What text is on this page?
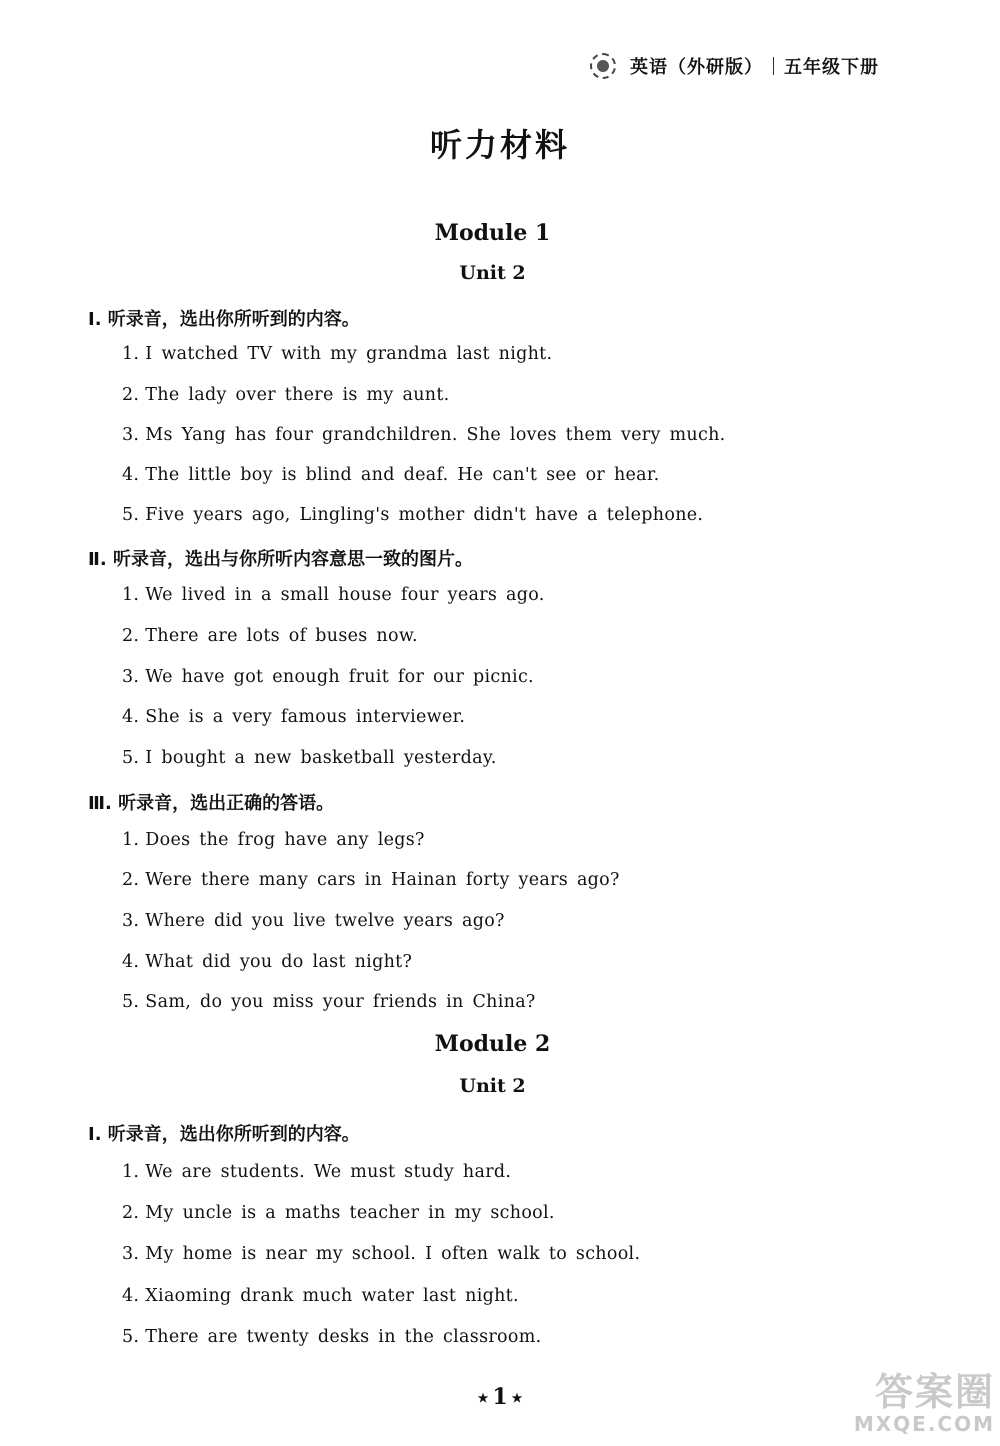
英语（外研版） 五年级下册
听力材料
Module 1
Unit 2
Ⅰ. 听录音，选出你所听到的内容。
1. I watched TV with my grandma last night.
2. The lady over there is my aunt.
3. Ms Yang has four grandchildren. She loves them very much.
4. The little boy is blind and deaf. He can't see or hear.
5. Five years ago, Lingling's mother didn't have a telephone.
Ⅱ. 听录音，选出与你所听内容意思一致的图片。
1. We lived in a small house four years ago.
2. There are lots of buses now.
3. We have got enough fruit for our picnic.
4. She is a very famous interviewer.
5. I bought a new basketball yesterday.
Ⅲ. 听录音，选出正确的答语。
1. Does the frog have any legs?
2. Were there many cars in Hainan forty years ago?
3. Where did you live twelve years ago?
4. What did you do last night?
5. Sam, do you miss your friends in China?
Module 2
Unit 2
Ⅰ. 听录音，选出你所听到的内容。
1. We are students. We must study hard.
2. My uncle is a maths teacher in my school.
3. My home is near my school. I often walk to school.
4. Xiaoming drank much water last night.
5. There are twenty desks in the classroom.
★ 1 ★	答案圈
MXQE.COM
